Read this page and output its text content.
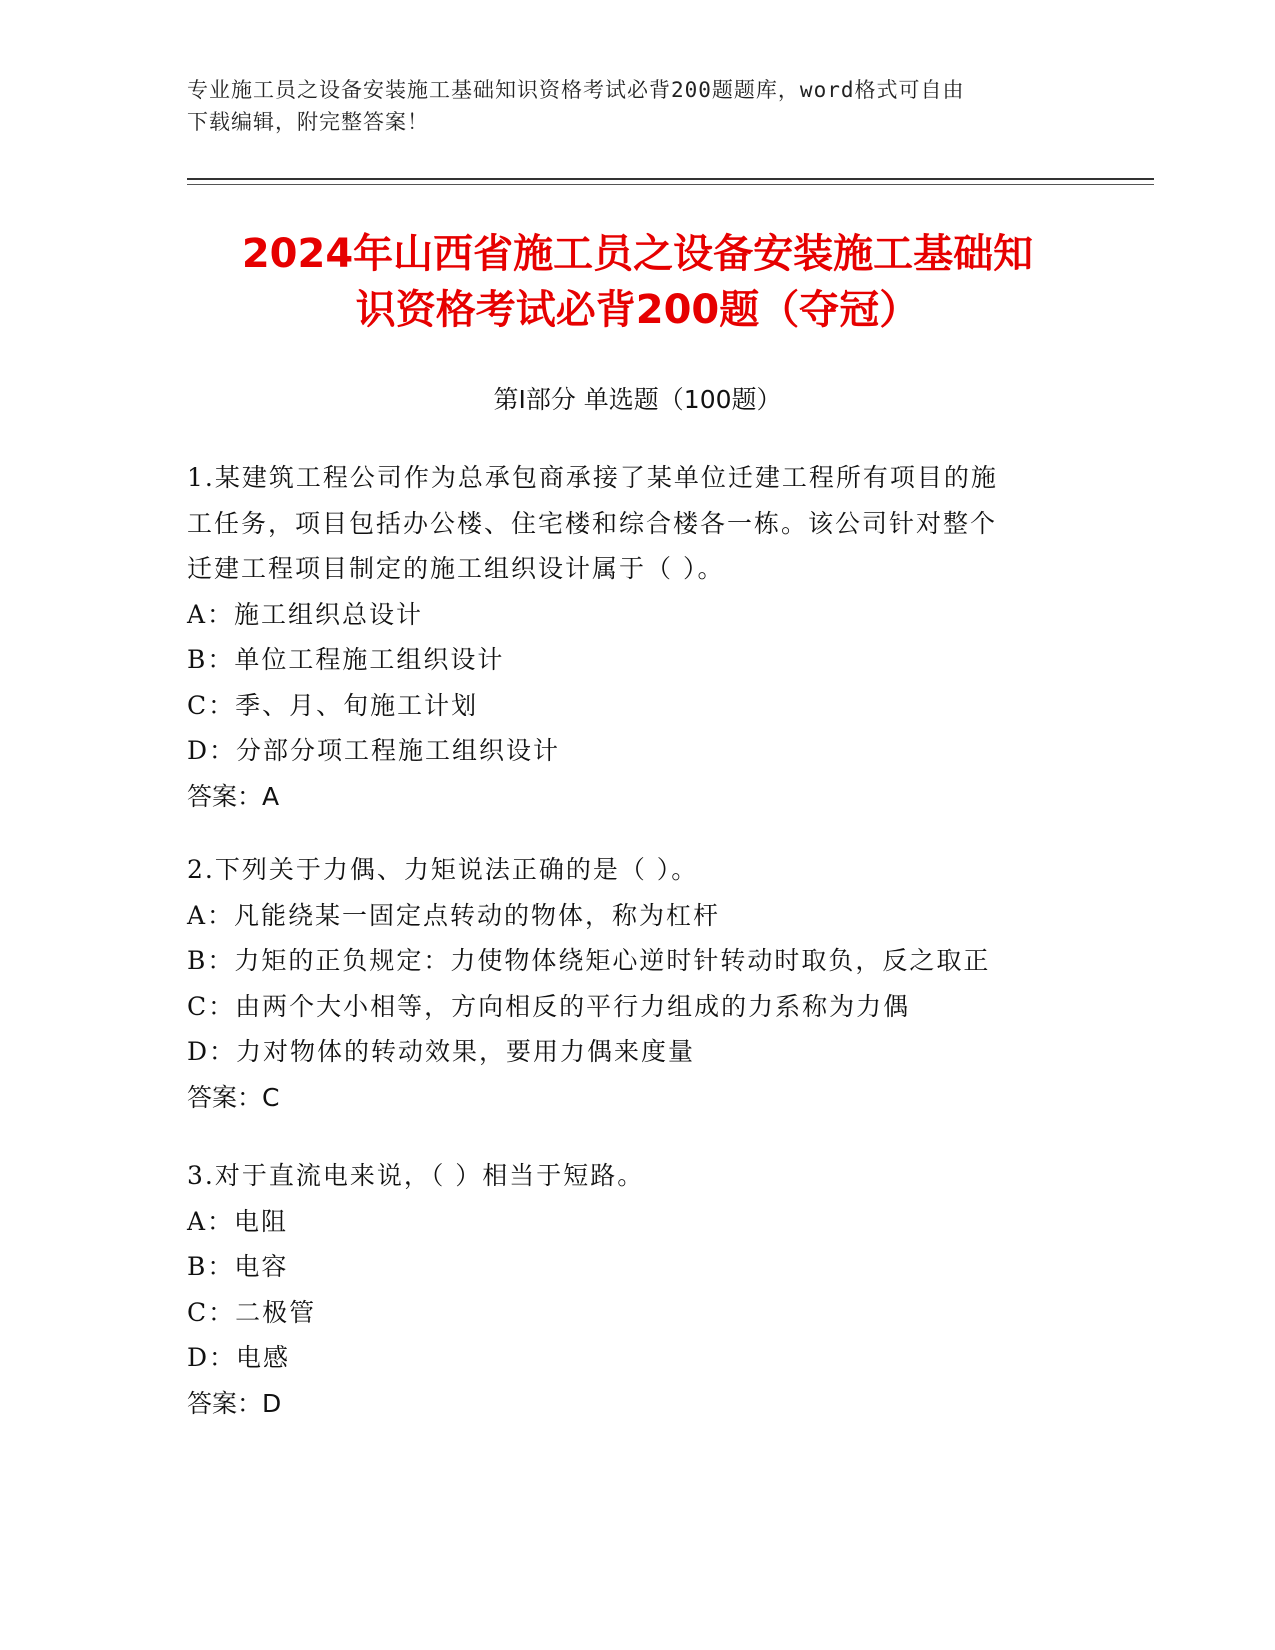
专业施工员之设备安装施工基础知识资格考试必背200题题库，word格式可自由
下载编辑，附完整答案！
2024年山西省施工员之设备安装施工基础知
识资格考试必背200题（夺冠）
第Ⅰ部分 单选题（100题）
1.某建筑工程公司作为总承包商承接了某单位迁建工程所有项目的施
工任务，项目包括办公楼、住宅楼和综合楼各一栋。该公司针对整个
迁建工程项目制定的施工组织设计属于（ ）。
A：施工组织总设计
B：单位工程施工组织设计
C：季、月、旬施工计划
D：分部分项工程施工组织设计
答案：A
2.下列关于力偶、力矩说法正确的是（ ）。
A：凡能绕某一固定点转动的物体，称为杠杆
B：力矩的正负规定：力使物体绕矩心逆时针转动时取负，反之取正
C：由两个大小相等，方向相反的平行力组成的力系称为力偶
D：力对物体的转动效果，要用力偶来度量
答案：C
3.对于直流电来说，（ ）相当于短路。
A：电阻
B：电容
C：二极管
D：电感
答案：D
